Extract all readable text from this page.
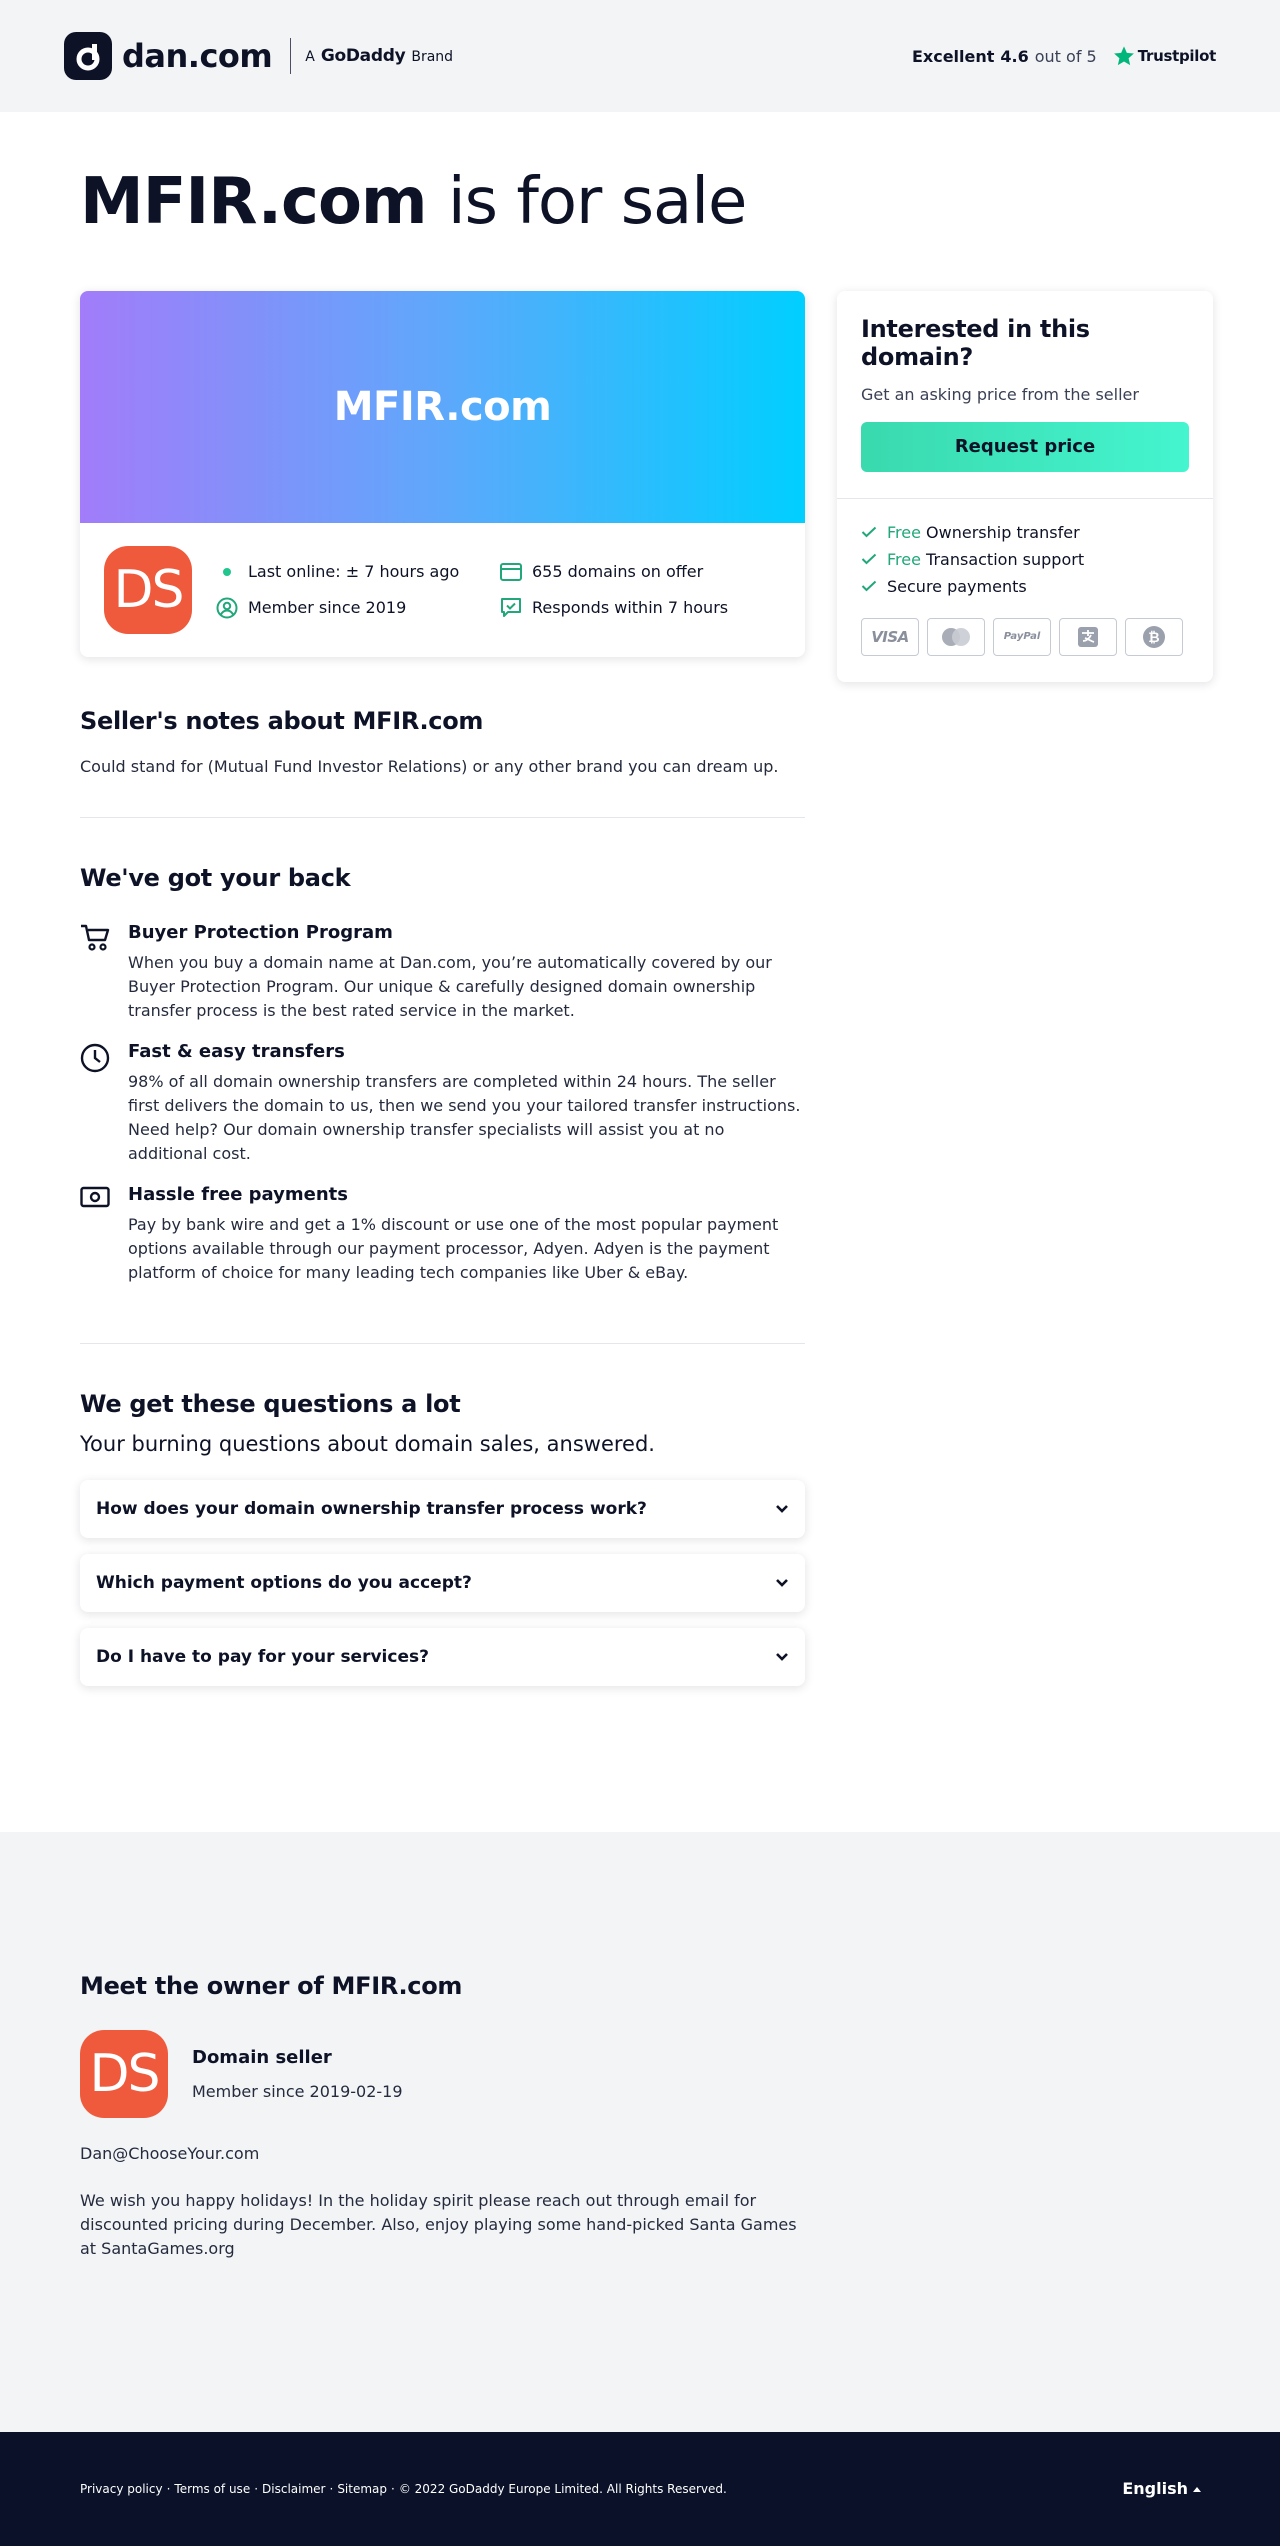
dan.com A GoDaddy Brand	Excellent 4.6 out of 5	Trustpilot
MFIR.com is for sale
MFIR.com
DS	Last online: ± 7 hours ago	655 domains on offer
Member since 2019	Responds within 7 hours
Seller's notes about MFIR.com

Could stand for (Mutual Fund Investor Relations) or any other brand you can dream up.

We've got your back
Buyer Protection Program

When you buy a domain name at Dan.com, you’re automatically covered by our Buyer Protection Program. Our unique & carefully designed domain ownership transfer process is the best rated service in the market.

Fast & easy transfers

98% of all domain ownership transfers are completed within 24 hours. The seller first delivers the domain to us, then we send you your tailored transfer instructions. Need help? Our domain ownership transfer specialists will assist you at no additional cost.

Hassle free payments

Pay by bank wire and get a 1% discount or use one of the most popular payment options available through our payment processor, Adyen. Adyen is the payment platform of choice for many leading tech companies like Uber & eBay.

We get these questions a lot

Your burning questions about domain sales, answered.

How does your domain ownership transfer process work?
Which payment options do you accept?
Do I have to pay for your services?
Interested in this domain?

Get an asking price from the seller

Request price
Free Ownership transfer
Free Transaction support
Secure payments
VISA	PayPal	₿
Meet the owner of MFIR.com
DS	Domain seller
Member since 2019-02-19

Dan@ChooseYour.com

We wish you happy holidays! In the holiday spirit please reach out through email for discounted pricing during December. Also, enjoy playing some hand-picked Santa Games at SantaGames.org

Privacy policy · Terms of use · Disclaimer · Sitemap · © 2022 GoDaddy Europe Limited. All Rights Reserved.	English
